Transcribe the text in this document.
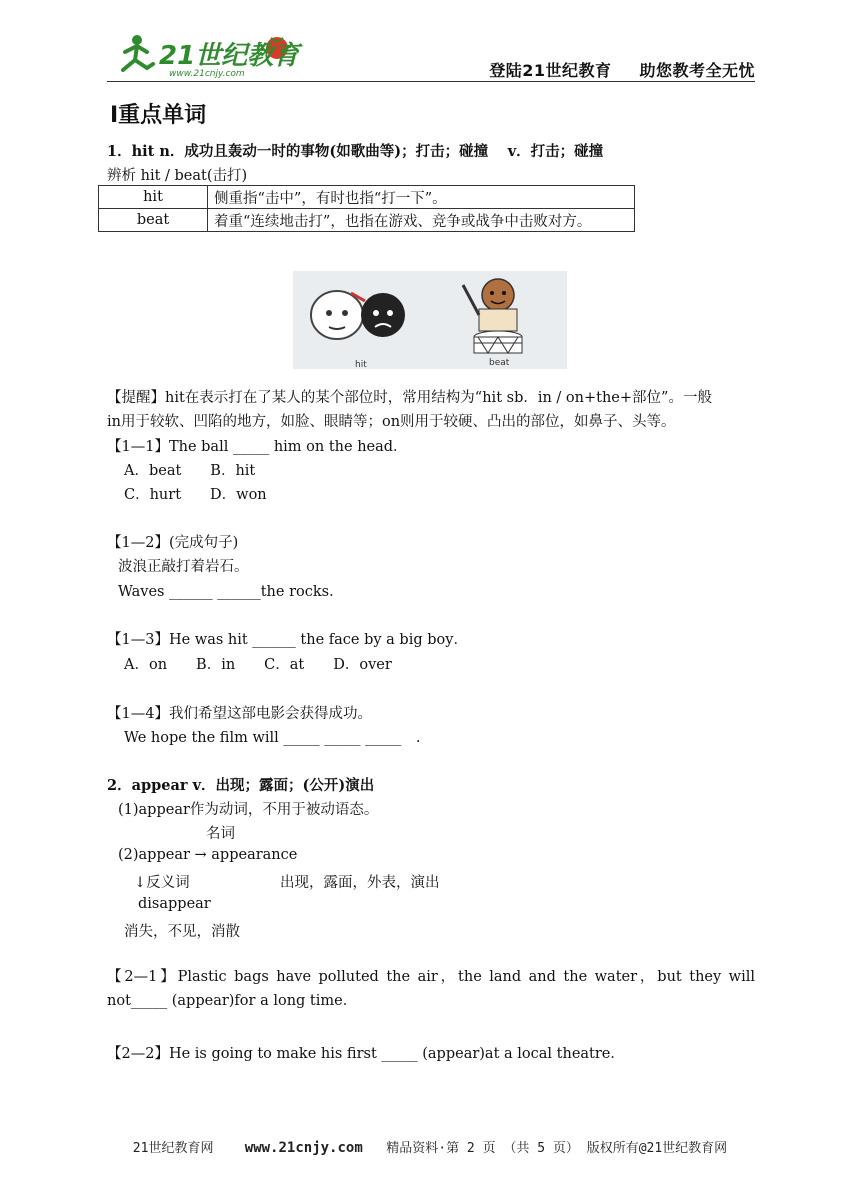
21世纪教育
www.21cnjy.com	登陆21世纪教育 助您教考全无忧
Ⅰ重点单词
1．hit n．成功且轰动一时的事物(如歌曲等)；打击；碰撞　 v．打击；碰撞
辨析 hit / beat(击打)
hit	侧重指“击中”，有时也指“打一下”。
beat	着重“连续地击打”，也指在游戏、竞争或战争中击败对方。
hit	beat
【提醒】hit在表示打在了某人的某个部位时，常用结构为“hit sb．in / on+the+部位”。一般
in用于较软、凹陷的地方，如脸、眼睛等；on则用于较硬、凸出的部位，如鼻子、头等。
【1—1】The ball _____ him on the head．
A．beat　　B．hit
C．hurt　　D．won
【1—2】(完成句子)
波浪正敲打着岩石。
Waves ______ ______the rocks．
【1—3】He was hit ______ the face by a big boy．
A．on　　B．in　　C．at　　D．over
【1—4】我们希望这部电影会获得成功。
We hope the film will _____ _____ _____　.
2．appear v．出现；露面；(公开)演出
(1)appear作为动词，不用于被动语态。
名词
(2)appear → appearance
↓反义词	出现，露面，外表，演出
disappear
消失，不见，消散
【2—1】Plastic bags have polluted the air，the land and the water，but they will not_____ (appear)for a long time．
【2—2】He is going to make his first _____ (appear)at a local theatre．
21世纪教育网 www.21cnjy.com 精品资料·第 2 页 （共 5 页） 版权所有@21世纪教育网
